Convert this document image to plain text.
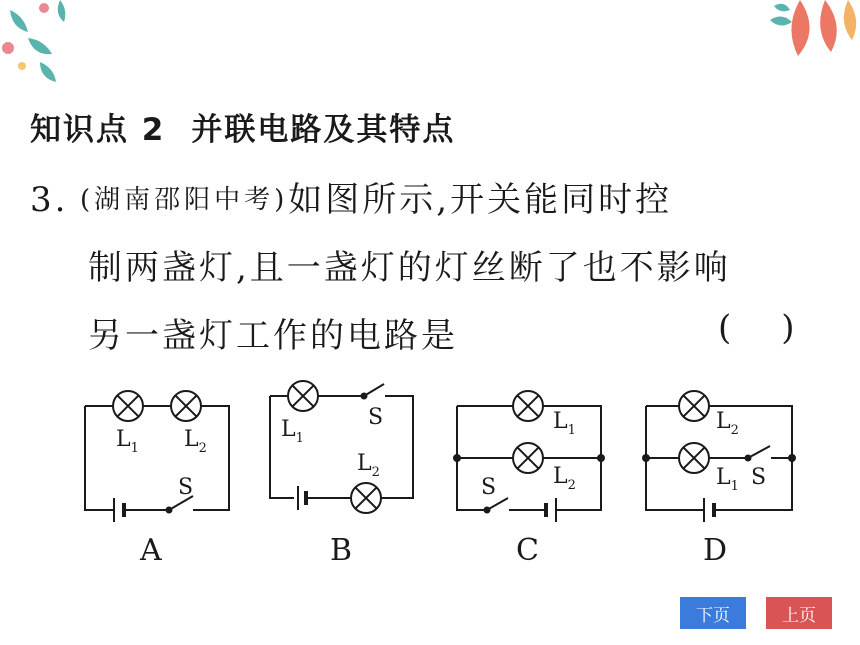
知识点 2 并联电路及其特点
3. (湖南邵阳中考)如图所示,开关能同时控
制两盏灯,且一盏灯的灯丝断了也不影响
另一盏灯工作的电路是	( )
$L_1$ $L_2$
S
A
$L_1$
$L_2$
S
B
$L_1$
$L_2$
S
C
$L_2$
$L_1$ S
D
下页	上页
